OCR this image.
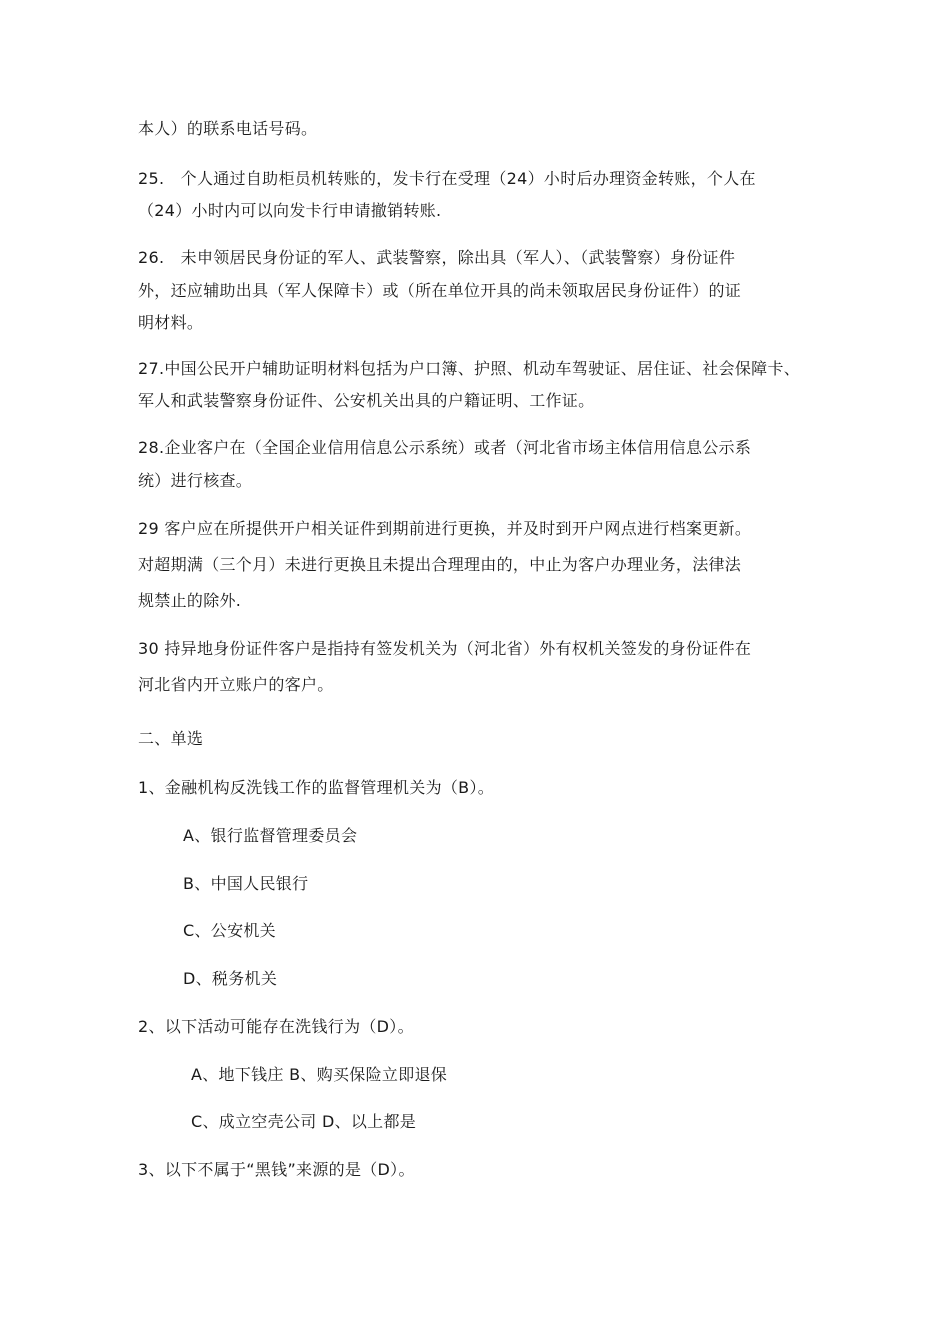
本人）的联系电话号码。
25.　个人通过自助柜员机转账的，发卡行在受理（24）小时后办理资金转账，个人在
（24）小时内可以向发卡行申请撤销转账.
26.　未申领居民身份证的军人、武装警察，除出具（军人）、（武装警察）身份证件
外，还应辅助出具（军人保障卡）或（所在单位开具的尚未领取居民身份证件）的证
明材料。
27.中国公民开户辅助证明材料包括为户口簿、护照、机动车驾驶证、居住证、社会保障卡、
军人和武装警察身份证件、公安机关出具的户籍证明、工作证。
28.企业客户在（全国企业信用信息公示系统）或者（河北省市场主体信用信息公示系
统）进行核查。
29 客户应在所提供开户相关证件到期前进行更换，并及时到开户网点进行档案更新。
对超期满（三个月）未进行更换且未提出合理理由的，中止为客户办理业务，法律法
规禁止的除外.
30 持异地身份证件客户是指持有签发机关为（河北省）外有权机关签发的身份证件在
河北省内开立账户的客户。
二、单选
1、金融机构反洗钱工作的监督管理机关为（B）。
A、银行监督管理委员会
B、中国人民银行
C、公安机关
D、税务机关
2、以下活动可能存在洗钱行为（D）。
A、地下钱庄 B、购买保险立即退保
C、成立空壳公司 D、以上都是
3、以下不属于“黑钱”来源的是（D）。
